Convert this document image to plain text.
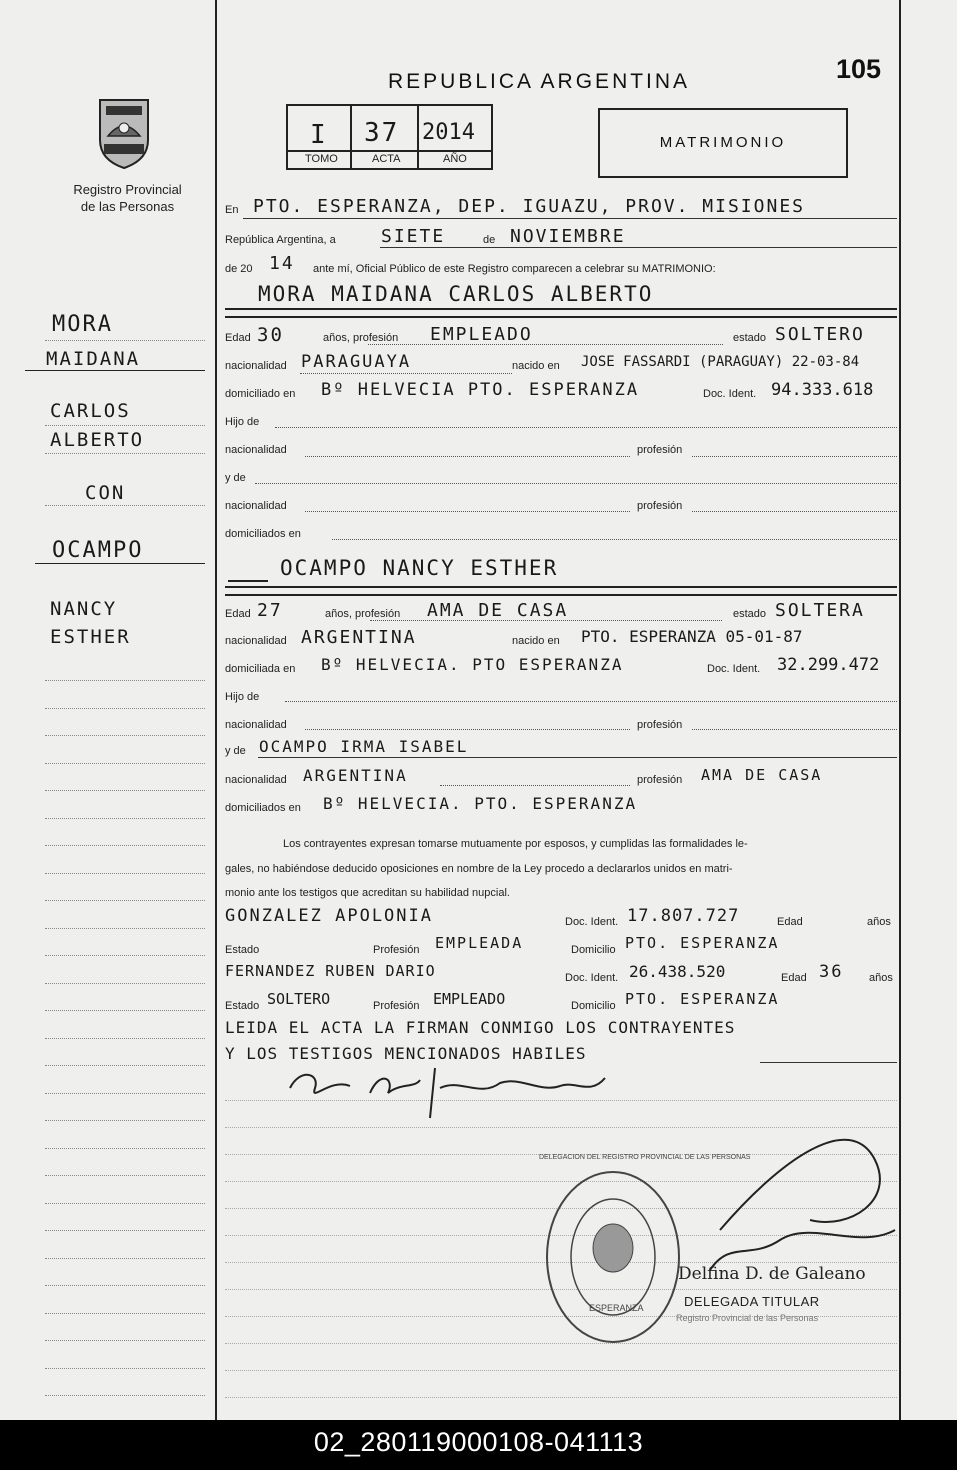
Registro Provincial
de las Personas
REPUBLICA ARGENTINA	105
I 37 2014
TOMO	ACTA	AÑO
MATRIMONIO
MORA
MAIDANA
CARLOS
ALBERTO
CON
OCAMPO
NANCY
ESTHER
En PTO. ESPERANZA, DEP. IGUAZU, PROV. MISIONES
República Argentina, a	SIETE	de NOVIEMBRE
de 20 14 ante mí, Oficial Público de este Registro comparecen a celebrar su MATRIMONIO:
MORA MAIDANA CARLOS ALBERTO
Edad 30	años, profesión EMPLEADO	estado SOLTERO
nacionalidad PARAGUAYA	nacido en JOSE FASSARDI (PARAGUAY) 22-03-84
domiciliado en Bº HELVECIA PTO. ESPERANZA	Doc. Ident. 94.333.618
Hijo de
nacionalidad	profesión
y de
nacionalidad	profesión
domiciliados en
OCAMPO NANCY ESTHER
Edad 27	años, profesión AMA DE CASA	estado SOLTERA
nacionalidad ARGENTINA	nacido en PTO. ESPERANZA 05-01-87
domiciliada en Bº HELVECIA. PTO ESPERANZA	Doc. Ident. 32.299.472
Hijo de
nacionalidad	profesión
y de OCAMPO IRMA ISABEL
nacionalidad ARGENTINA	profesión AMA DE CASA
domiciliados en Bº HELVECIA. PTO. ESPERANZA
Los contrayentes expresan tomarse mutuamente por esposos, y cumplidas las formalidades le-
gales, no habiéndose deducido oposiciones en nombre de la Ley procedo a declararlos unidos en matri-
monio ante los testigos que acreditan su habilidad nupcial.
GONZALEZ APOLONIA	Doc. Ident. 17.807.727	Edad	años
Estado	Profesión EMPLEADA	Domicilio PTO. ESPERANZA
FERNANDEZ RUBEN DARIO	Doc. Ident. 26.438.520	Edad 36 años
Estado SOLTERO	Profesión EMPLEADO	Domicilio PTO. ESPERANZA
LEIDA EL ACTA LA FIRMAN CONMIGO LOS CONTRAYENTES
Y LOS TESTIGOS MENCIONADOS HABILES
DELEGACION DEL REGISTRO PROVINCIAL DE LAS PERSONAS
ESPERANZA
Delfina D. de Galeano
DELEGADA TITULAR
Registro Provincial de las Personas
02_280119000108-041113
